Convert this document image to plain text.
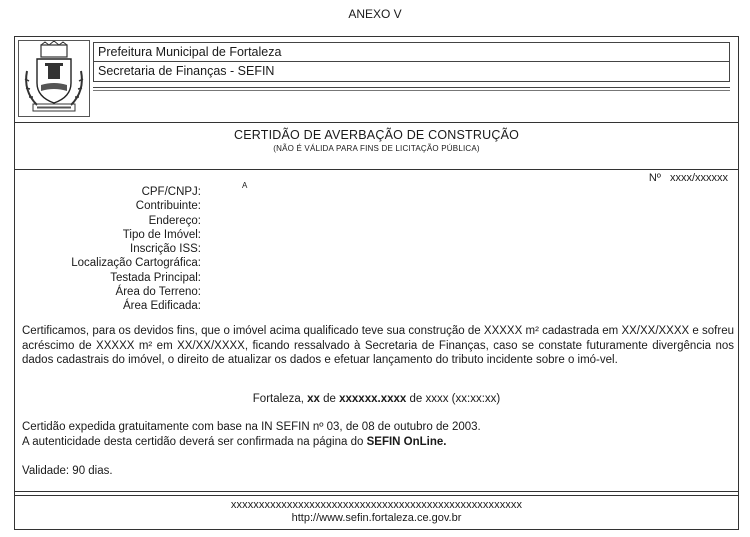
ANEXO V
Prefeitura Municipal de Fortaleza
Secretaria de Finanças - SEFIN
CERTIDÃO DE AVERBAÇÃO DE CONSTRUÇÃO
(NÃO É VÁLIDA PARA FINS DE LICITAÇÃO PÚBLICA)
Nº xxxx/xxxxxx
A
CPF/CNPJ:
Contribuinte:
Endereço:
Tipo de Imóvel:
Inscrição ISS:
Localização Cartográfica:
Testada Principal:
Área do Terreno:
Área Edificada:
Certificamos, para os devidos fins, que o imóvel acima qualificado teve sua construção de XXXXX m² cadastrada em XX/XX/XXXX e sofreu acréscimo de XXXXX m² em XX/XX/XXXX, ficando ressalvado à Secretaria de Finanças, caso se constate futuramente divergência nos dados cadastrais do imóvel, o direito de atualizar os dados e efetuar lançamento do tributo incidente sobre o imó-vel.
Fortaleza, xx de xxxxxx.xxxx de xxxx (xx:xx:xx)
Certidão expedida gratuitamente com base na IN SEFIN nº 03, de 08 de outubro de 2003.
A autenticidade desta certidão deverá ser confirmada na página do SEFIN OnLine.
Validade: 90 dias.
xxxxxxxxxxxxxxxxxxxxxxxxxxxxxxxxxxxxxxxxxxxxxxxxxxxx
http://www.sefin.fortaleza.ce.gov.br
